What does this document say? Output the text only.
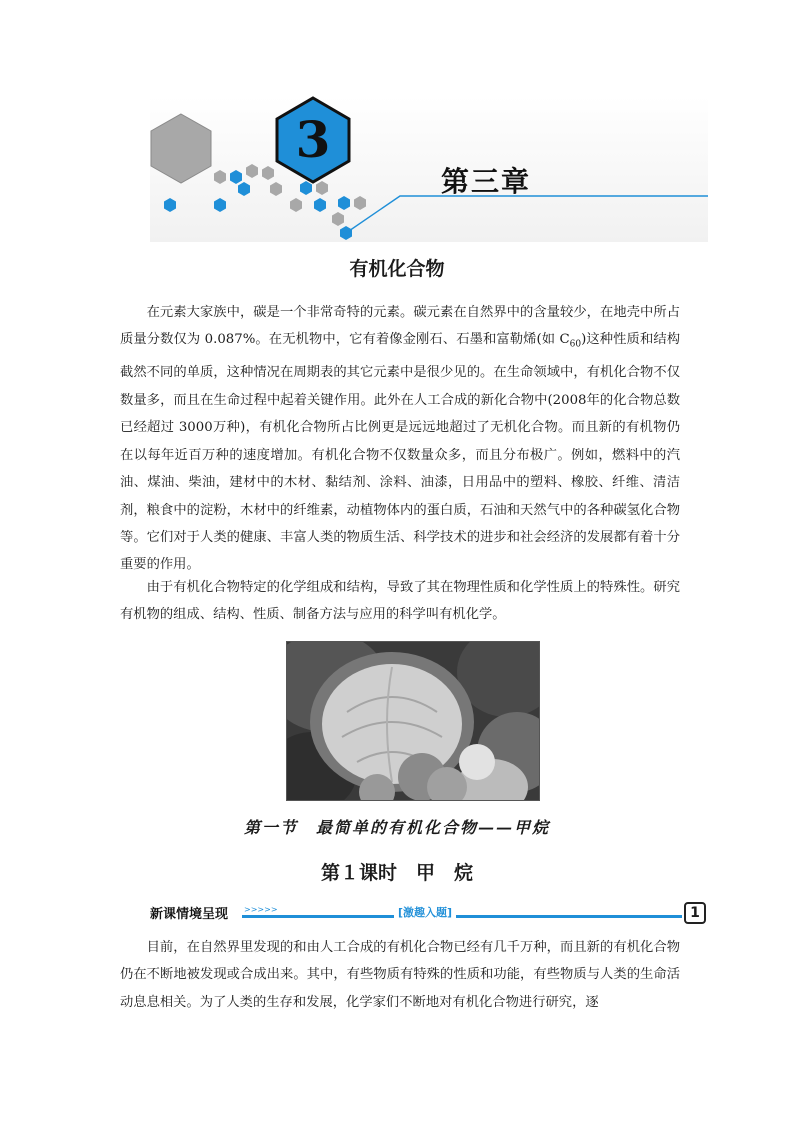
3
第三章
有机化合物

在元素大家族中，碳是一个非常奇特的元素。碳元素在自然界中的含量较少，在地壳中所占质量分数仅为 0.087%。在无机物中，它有着像金刚石、石墨和富勒烯(如 $C_{60}$)这种性质和结构截然不同的单质，这种情况在周期表的其它元素中是很少见的。在生命领域中，有机化合物不仅数量多，而且在生命过程中起着关键作用。此外在人工合成的新化合物中(2008年的化合物总数已经超过 3000万种)，有机化合物所占比例更是远远地超过了无机化合物。而且新的有机物仍在以每年近百万种的速度增加。有机化合物不仅数量众多，而且分布极广。例如，燃料中的汽油、煤油、柴油，建材中的木材、黏结剂、涂料、油漆，日用品中的塑料、橡胶、纤维、清洁剂，粮食中的淀粉，木材中的纤维素，动植物体内的蛋白质，石油和天然气中的各种碳氢化合物等。它们对于人类的健康、丰富人类的物质生活、科学技术的进步和社会经济的发展都有着十分重要的作用。

由于有机化合物特定的化学组成和结构，导致了其在物理性质和化学性质上的特殊性。研究有机物的组成、结构、性质、制备方法与应用的科学叫有机化学。

第一节　最简单的有机化合物——甲烷
第１课时　甲　烷
新课情境呈现 >>>>>	[激趣入题]	1

目前，在自然界里发现的和由人工合成的有机化合物已经有几千万种，而且新的有机化合物仍在不断地被发现或合成出来。其中，有些物质有特殊的性质和功能，有些物质与人类的生命活动息息相关。为了人类的生存和发展，化学家们不断地对有机化合物进行研究，逐
